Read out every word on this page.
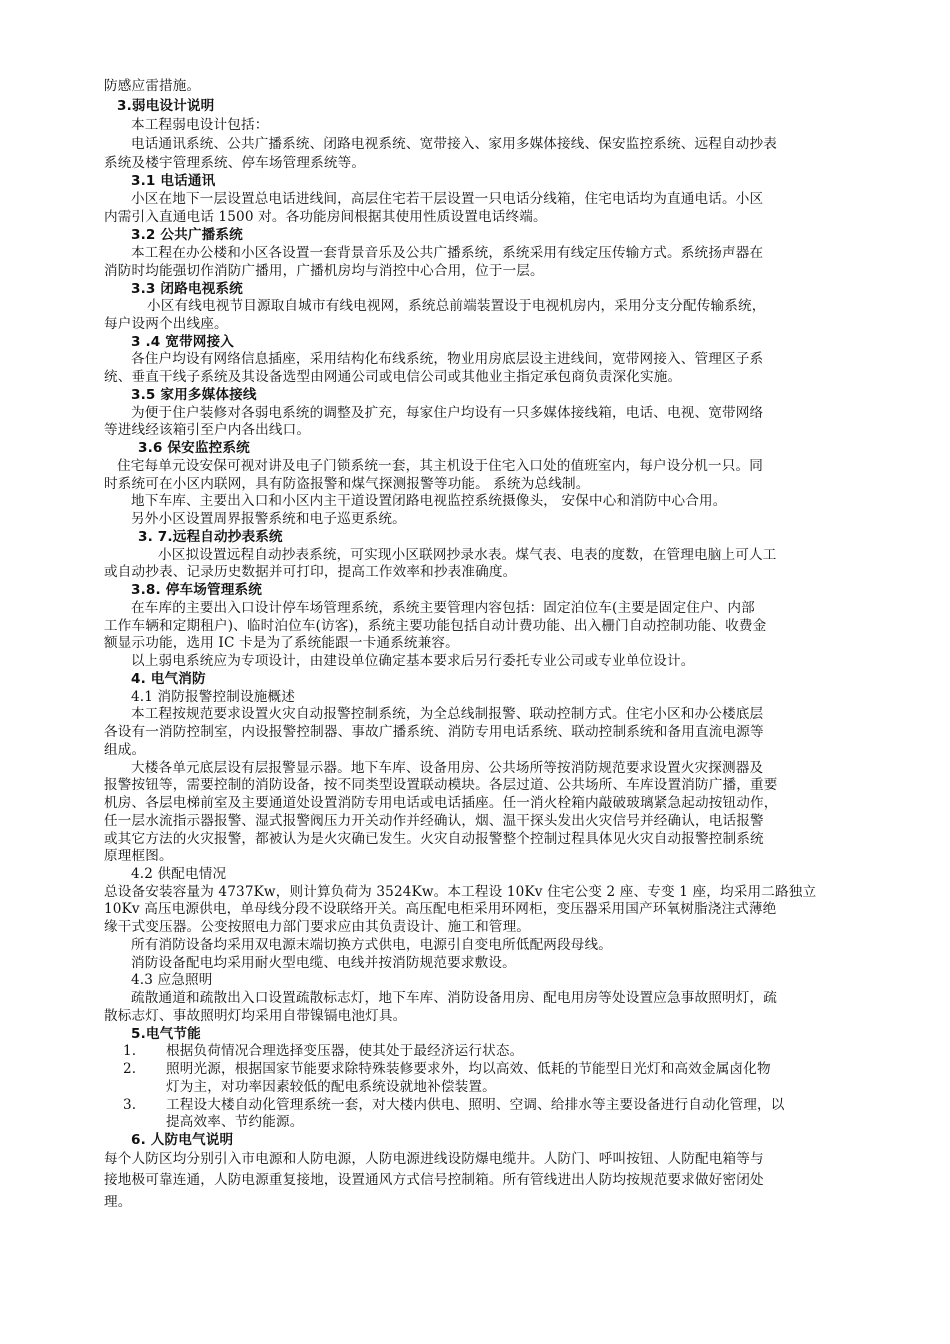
防感应雷措施。

3.弱电设计说明

本工程弱电设计包括：

电话通讯系统、公共广播系统、闭路电视系统、宽带接入、家用多媒体接线、保安监控系统、远程自动抄表

系统及楼宇管理系统、停车场管理系统等。

3.1 电话通讯

小区在地下一层设置总电话进线间，高层住宅若干层设置一只电话分线箱，住宅电话均为直通电话。小区

内需引入直通电话 1500 对。各功能房间根据其使用性质设置电话终端。

3.2 公共广播系统

本工程在办公楼和小区各设置一套背景音乐及公共广播系统，系统采用有线定压传输方式。系统扬声器在

消防时均能强切作消防广播用，广播机房均与消控中心合用，位于一层。

3.3 闭路电视系统

小区有线电视节目源取自城市有线电视网，系统总前端装置设于电视机房内，采用分支分配传输系统，

每户设两个出线座。

3 .4 宽带网接入

各住户均设有网络信息插座，采用结构化布线系统，物业用房底层设主进线间，宽带网接入、管理区子系

统、垂直干线子系统及其设备选型由网通公司或电信公司或其他业主指定承包商负责深化实施。

3.5 家用多媒体接线

为便于住户装修对各弱电系统的调整及扩充，每家住户均设有一只多媒体接线箱，电话、电视、宽带网络

等进线经该箱引至户内各出线口。

3.6 保安监控系统

住宅每单元设安保可视对讲及电子门锁系统一套，其主机设于住宅入口处的值班室内，每户设分机一只。同

时系统可在小区内联网，具有防盗报警和煤气探测报警等功能。 系统为总线制。

地下车库、主要出入口和小区内主干道设置闭路电视监控系统摄像头， 安保中心和消防中心合用。

另外小区设置周界报警系统和电子巡更系统。

3. 7.远程自动抄表系统

小区拟设置远程自动抄表系统，可实现小区联网抄录水表。煤气表、电表的度数，在管理电脑上可人工

或自动抄表、记录历史数据并可打印，提高工作效率和抄表准确度。

3.8. 停车场管理系统

在车库的主要出入口设计停车场管理系统，系统主要管理内容包括：固定泊位车(主要是固定住户、内部

工作车辆和定期租户)、临时泊位车(访客)，系统主要功能包括自动计费功能、出入栅门自动控制功能、收费金

额显示功能，选用 IC 卡是为了系统能跟一卡通系统兼容。

以上弱电系统应为专项设计，由建设单位确定基本要求后另行委托专业公司或专业单位设计。

4. 电气消防

4.1 消防报警控制设施概述

本工程按规范要求设置火灾自动报警控制系统，为全总线制报警、联动控制方式。住宅小区和办公楼底层

各设有一消防控制室，内设报警控制器、事故广播系统、消防专用电话系统、联动控制系统和备用直流电源等

组成。

大楼各单元底层设有层报警显示器。地下车库、设备用房、公共场所等按消防规范要求设置火灾探测器及

报警按钮等，需要控制的消防设备，按不同类型设置联动模块。各层过道、公共场所、车库设置消防广播，重要

机房、各层电梯前室及主要通道处设置消防专用电话或电话插座。任一消火栓箱内敲破玻璃紧急起动按钮动作，

任一层水流指示器报警、湿式报警阀压力开关动作并经确认，烟、温干探头发出火灾信号并经确认，电话报警

或其它方法的火灾报警，都被认为是火灾确已发生。火灾自动报警整个控制过程具体见火灾自动报警控制系统

原理框图。

4.2 供配电情况

总设备安装容量为 4737Kw，则计算负荷为 3524Kw。本工程设 10Kv 住宅公变 2 座、专变 1 座，均采用二路独立

10Kv 高压电源供电，单母线分段不设联络开关。高压配电柜采用环网柜，变压器采用国产环氧树脂浇注式薄绝

缘干式变压器。公变按照电力部门要求应由其负责设计、施工和管理。

所有消防设备均采用双电源末端切换方式供电，电源引自变电所低配两段母线。

消防设备配电均采用耐火型电缆、电线并按消防规范要求敷设。

4.3 应急照明

疏散通道和疏散出入口设置疏散标志灯，地下车库、消防设备用房、配电用房等处设置应急事故照明灯，疏

散标志灯、事故照明灯均采用自带镍镉电池灯具。

5.电气节能

1. 根据负荷情况合理选择变压器，使其处于最经济运行状态。

2. 照明光源，根据国家节能要求除特殊装修要求外，均以高效、低耗的节能型日光灯和高效金属卤化物

灯为主，对功率因素较低的配电系统设就地补偿装置。

3. 工程设大楼自动化管理系统一套，对大楼内供电、照明、空调、给排水等主要设备进行自动化管理，以

提高效率、节约能源。

6. 人防电气说明

每个人防区均分别引入市电源和人防电源，人防电源进线设防爆电缆井。人防门、呼叫按钮、人防配电箱等与

接地极可靠连通，人防电源重复接地，设置通风方式信号控制箱。所有管线进出人防均按规范要求做好密闭处

理。
